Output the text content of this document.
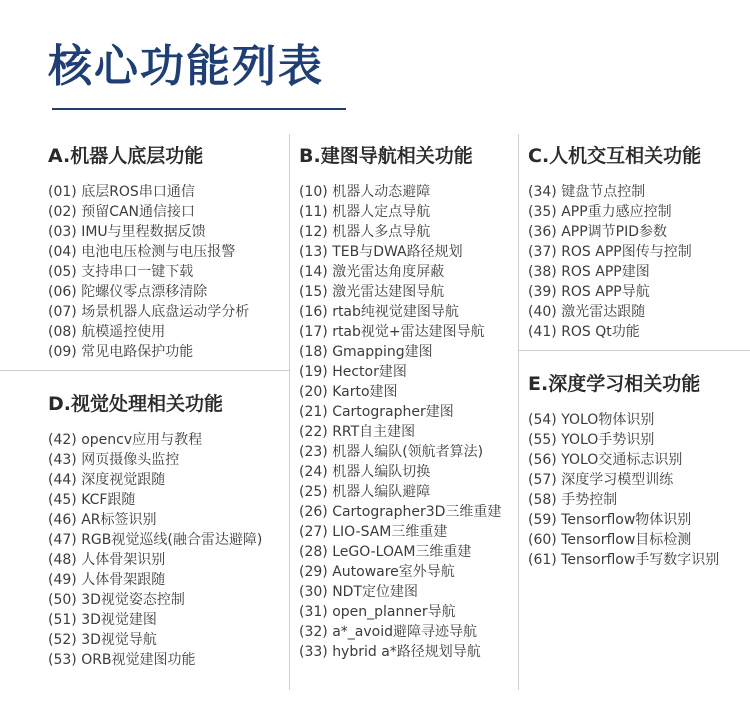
核心功能列表
A.机器人底层功能
(01) 底层ROS串口通信
(02) 预留CAN通信接口
(03) IMU与里程数据反馈
(04) 电池电压检测与电压报警
(05) 支持串口一键下载
(06) 陀螺仪零点漂移清除
(07) 场景机器人底盘运动学分析
(08) 航模遥控使用
(09) 常见电路保护功能
D.视觉处理相关功能
(42) opencv应用与教程
(43) 网页摄像头监控
(44) 深度视觉跟随
(45) KCF跟随
(46) AR标签识别
(47) RGB视觉巡线(融合雷达避障)
(48) 人体骨架识别
(49) 人体骨架跟随
(50) 3D视觉姿态控制
(51) 3D视觉建图
(52) 3D视觉导航
(53) ORB视觉建图功能
B.建图导航相关功能
(10) 机器人动态避障
(11) 机器人定点导航
(12) 机器人多点导航
(13) TEB与DWA路径规划
(14) 激光雷达角度屏蔽
(15) 激光雷达建图导航
(16) rtab纯视觉建图导航
(17) rtab视觉+雷达建图导航
(18) Gmapping建图
(19) Hector建图
(20) Karto建图
(21) Cartographer建图
(22) RRT自主建图
(23) 机器人编队(领航者算法)
(24) 机器人编队切换
(25) 机器人编队避障
(26) Cartographer3D三维重建
(27) LIO-SAM三维重建
(28) LeGO-LOAM三维重建
(29) Autoware室外导航
(30) NDT定位建图
(31) open_planner导航
(32) a*_avoid避障寻迹导航
(33) hybrid a*路径规划导航
C.人机交互相关功能
(34) 键盘节点控制
(35) APP重力感应控制
(36) APP调节PID参数
(37) ROS APP图传与控制
(38) ROS APP建图
(39) ROS APP导航
(40) 激光雷达跟随
(41) ROS Qt功能
E.深度学习相关功能
(54) YOLO物体识别
(55) YOLO手势识别
(56) YOLO交通标志识别
(57) 深度学习模型训练
(58) 手势控制
(59) Tensorflow物体识别
(60) Tensorflow目标检测
(61) Tensorflow手写数字识别
